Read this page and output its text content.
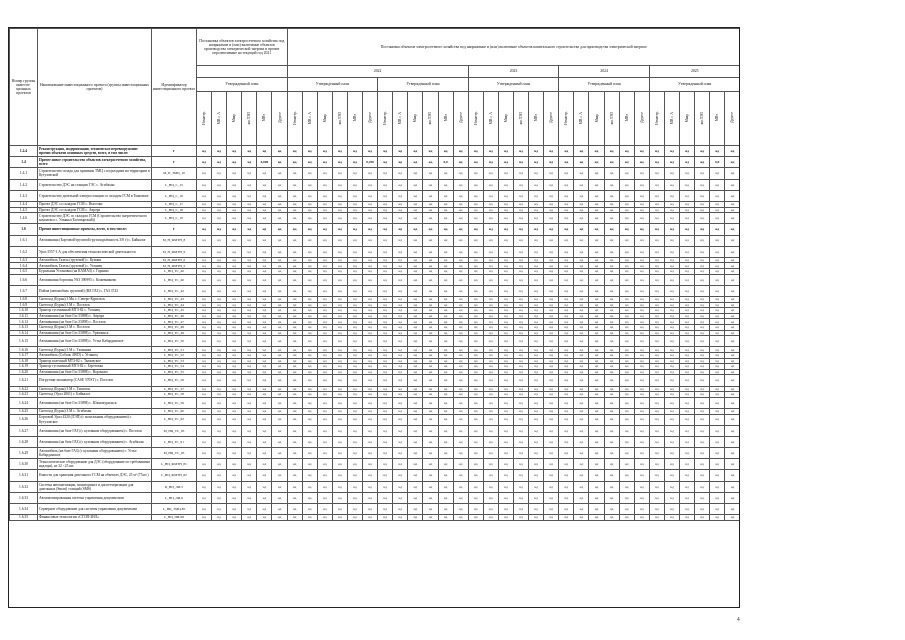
Номер группы инвести-ционных проектов	Наименование инвестиционного проекта (группы инвестиционных проектов)	Идентификатор инвестиционного проекта	Постановка объектов электросетевого хозяйства под напряжение и (или) включение объектов производства электрической энергии в прочие перспективные на текущий год 2021						Постановка объектов электросетевого хозяйства под напряжение и (или) включение объектов капитального строительства для производства электрической энергии																													
									2022												2023						2024						2025					
			Утвержденный план						Утвержденный план						Утвержденный план						Утвержденный план						Утвержденный план						Утвержденный план					
			Нематер.	МВ×А	Мвар	км ЛЭП	МВт	Другое	Нематер.	МВ×А	Мвар	км ЛЭП	МВт	Другое	Нематер.	МВ×А	Мвар	км ЛЭП	МВт	Другое	Нематер.	МВ×А	Мвар	км ЛЭП	МВт	Другое	Нематер.	МВ×А	Мвар	км ЛЭП	МВт	Другое	Нематер.	МВ×А	Мвар	км ЛЭП	МВт	Другое
1.2.4	Реконструкция, модернизация, техническое перевооружение прочих объектов основных средств, всего, в том числе:	Г	нд	нд	нд	нд	нд	нд	нд	нд	нд	нд	нд	нд	нд	нд	нд	нд	нд	нд	нд	нд	нд	нд	нд	нд	нд	нд	нд	нд	нд	нд	нд	нд	нд	нд	нд	нд
1.4	Прочее новое строительство объектов электросетевого хозяйства, всего	Г	нд	нд	нд	нд	0,000	нд	нд	нд	нд	нд	нд	0,250	нд	нд	нд	нд	0,0	нд	нд	нд	нд	нд	нд	нд	нд	нд	нд	нд	нд	нд	нд	нд	нд	нд	0,0	нд
1.4.1	Строительство склада для хранения ТМЦ с подъездами на территории в Кутузовской	М_П_ТМЦ_19	нд	нд	нд	нд	нд	нд	нд	нд	нд	нд	нд	нд	нд	нд	нд	нд	нд	нд	нд	нд	нд	нд	нд	нд	нд	нд	нд	нд	нд	нд	нд	нд	нд	нд	нд	нд
1.4.2	Строительство ДЭС на станции ГЭС с. Агибахан	L_НЦ_С_15	нд	нд	нд	нд	нд	нд	нд	нд	нд	нд	нд	нд	нд	нд	нд	нд	нд	нд	нд	нд	нд	нд	нд	нд	нд	нд	нд	нд	нд	нд	нд	нд	нд	нд	нд	нд
1.4.3	Строительство дизельной электростанции со складом ГСМ в Тымовске	L_НЦ_С_16	нд	нд	нд	нд	нд	нд	нд	нд	нд	нд	нд	нд	нд	нд	нд	нд	нд	нд	нд	нд	нд	нд	нд	нд	нд	нд	нд	нд	нд	нд	нд	нд	нд	нд	нд	нд
1.4.4	Проект ДЭС со складом ГСМ с. Выселки	L_НЦ_С_17	нд	нд	нд	нд	нд	нд	нд	нд	нд	нд	нд	нд	нд	нд	нд	нд	нд	нд	нд	нд	нд	нд	нд	нд	нд	нд	нд	нд	нд	нд	нд	нд	нд	нд	нд	нд
1.4.5	Проект ДЭС со складом ГСМ с. Аврора	L_НЦ_С_18	нд	нд	нд	нд	нд	нд	нд	нд	нд	нд	нд	нд	нд	нд	нд	нд	нд	нд	нд	нд	нд	нд	нд	нд	нд	нд	нд	нд	нд	нд	нд	нд	нд	нд	нд	нд
1.4.6	Строительство ДЭС со складом ГСМ (Строительство энергетического комплекса с. Ульяны (Богатырский))	L_НЦ_С_19	нд	нд	нд	нд	нд	нд	нд	нд	нд	нд	нд	нд	нд	нд	нд	нд	нд	нд	нд	нд	нд	нд	нд	нд	нд	нд	нд	нд	нд	нд	нд	нд	нд	нд	нд	нд
1.6	Прочие инвестиционные проекты, всего, в том числе:	Г	нд	нд	нд	нд	нд	нд	нд	нд	нд	нд	нд	нд	нд	нд	нд	нд	нд	нд	нд	нд	нд	нд	нд	нд	нд	нд	нд	нд	нд	нд	нд	нд	нд	нд	нд	нд
1.6.1	Автомашина (Бортовой/грузовой грузоподъёмность 3/8 т) с. Байкалог	М_Н_ФМТН_8	нд	нд	нд	нд	нд	нд	нд	нд	нд	нд	нд	нд	нд	нд	нд	нд	нд	нд	нд	нд	нд	нд	нд	нд	нд	нд	нд	нд	нд	нд	нд	нд	нд	нд	нд	нд
1.6.2	Урал 5557-1 А для обеспечения технологической деятельности	М_Н_ФМТН_9	нд	нд	нд	нд	нд	нд	нд	нд	нд	нд	нд	нд	нд	нд	нд	нд	нд	нд	нд	нд	нд	нд	нд	нд	нд	нд	нд	нд	нд	нд	нд	нд	нд	нд	нд	нд
1.6.3	Автомобиль Газель (грузовой) с. Кумаки	М_Н_ФМТН_6	нд	нд	нд	нд	нд	нд	нд	нд	нд	нд	нд	нд	нд	нд	нд	нд	нд	нд	нд	нд	нд	нд	нд	нд	нд	нд	нд	нд	нд	нд	нд	нд	нд	нд	нд	нд
1.6.4	Автомобиль Газель (грузовой) с. Углянец	М_Н_ФМТН_5	нд	нд	нд	нд	нд	нд	нд	нд	нд	нд	нд	нд	нд	нд	нд	нд	нд	нд	нд	нд	нд	нд	нд	нд	нд	нд	нд	нд	нд	нд	нд	нд	нд	нд	нд	нд
1.6.5	Бурильная Установка (на КАМАЗ) с. Горкино	L_НЦ_ТС_40	нд	нд	нд	нд	нд	нд	нд	нд	нд	нд	нд	нд	нд	нд	нд	нд	нд	нд	нд	нд	нд	нд	нд	нд	нд	нд	нд	нд	нд	нд	нд	нд	нд	нд	нд	нд
1.6.6	Автомашина бортовая УАЗ 390995 с. Кожевниково	L_НЦ_ТС_40	нд	нд	нд	нд	нд	нд	нд	нд	нд	нд	нд	нд	нд	нд	нд	нд	нд	нд	нд	нд	нд	нд	нд	нд	нд	нд	нд	нд	нд	нд	нд	нд	нд	нд	нд	нд
1.6.7	Пойма (автомобиль грузовой) (ВЛ ГАЗ) с. ГАЗ 3743	L_НЦ_ТС_42	нд	нд	нд	нд	нд	нд	нд	нд	нд	нд	нд	нд	нд	нд	нд	нд	нд	нд	нд	нд	нд	нд	нд	нд	нд	нд	нд	нд	нд	нд	нд	нд	нд	нд	нд	нд
1.6.8	Снегоход (Буран) 3 Мк с. Северо-Курильск	L_НЦ_ТС_43	нд	нд	нд	нд	нд	нд	нд	нд	нд	нд	нд	нд	нд	нд	нд	нд	нд	нд	нд	нд	нд	нд	нд	нд	нд	нд	нд	нд	нд	нд	нд	нд	нд	нд	нд	нд
1.6.9	Снегоход (Буран) 3 М с. Поселок	L_НЦ_ТС_44	нд	нд	нд	нд	нд	нд	нд	нд	нд	нд	нд	нд	нд	нд	нд	нд	нд	нд	нд	нд	нд	нд	нд	нд	нд	нд	нд	нд	нд	нд	нд	нд	нд	нд	нд	нд
1.6.10	Трактор гусеничный МТЗ-82 с. Углянец	L_НЦ_ТС_45	нд	нд	нд	нд	нд	нд	нд	нд	нд	нд	нд	нд	нд	нд	нд	нд	нд	нд	нд	нд	нд	нд	нд	нд	нд	нд	нд	нд	нд	нд	нд	нд	нд	нд	нд	нд
1.6.11	Автомашина (на базе Газ 33098) с. Аврора	L_НЦ_ТС_46	нд	нд	нд	нд	нд	нд	нд	нд	нд	нд	нд	нд	нд	нд	нд	нд	нд	нд	нд	нд	нд	нд	нд	нд	нд	нд	нд	нд	нд	нд	нд	нд	нд	нд	нд	нд
1.6.12	Автомашина (на базе Газ 33098) с. Поселок	L_НЦ_ТС_47	нд	нд	нд	нд	нд	нд	нд	нд	нд	нд	нд	нд	нд	нд	нд	нд	нд	нд	нд	нд	нд	нд	нд	нд	нд	нд	нд	нд	нд	нд	нд	нд	нд	нд	нд	нд
1.6.13	Снегоход (Буран) 3 М с. Поселок	L_НЦ_ТС_48	нд	нд	нд	нд	нд	нд	нд	нд	нд	нд	нд	нд	нд	нд	нд	нд	нд	нд	нд	нд	нд	нд	нд	нд	нд	нд	нд	нд	нд	нд	нд	нд	нд	нд	нд	нд
1.6.14	Автомашина (на базе Газ 33098) с. Урюпинск	L_НЦ_ТС_49	нд	нд	нд	нд	нд	нд	нд	нд	нд	нд	нд	нд	нд	нд	нд	нд	нд	нд	нд	нд	нд	нд	нд	нд	нд	нд	нд	нд	нд	нд	нд	нд	нд	нд	нд	нд
1.6.15	Автомашина (на базе Газ 33098) с. Устье Кабардинское	L_НЦ_ТС_50	нд	нд	нд	нд	нд	нд	нд	нд	нд	нд	нд	нд	нд	нд	нд	нд	нд	нд	нд	нд	нд	нд	нд	нд	нд	нд	нд	нд	нд	нд	нд	нд	нд	нд	нд	нд
1.6.16	Снегоход (Буран) 3 М с. Тамьянка	L_НЦ_ТС_51	нд	нд	нд	нд	нд	нд	нд	нд	нд	нд	нд	нд	нд	нд	нд	нд	нд	нд	нд	нд	нд	нд	нд	нд	нд	нд	нд	нд	нд	нд	нд	нд	нд	нд	нд	нд
1.6.17	Автомобиль (Соболь 4WD) с. Углянец	L_НЦ_ТС_52	нд	нд	нд	нд	нд	нд	нд	нд	нд	нд	нд	нд	нд	нд	нд	нд	нд	нд	нд	нд	нд	нд	нд	нд	нд	нд	нд	нд	нд	нд	нд	нд	нд	нд	нд	нд
1.6.18	Трактор колесный МТЗ-82 с. Тымовское	L_НЦ_ТС_53	нд	нд	нд	нд	нд	нд	нд	нд	нд	нд	нд	нд	нд	нд	нд	нд	нд	нд	нд	нд	нд	нд	нд	нд	нд	нд	нд	нд	нд	нд	нд	нд	нд	нд	нд	нд
1.6.19	Трактор гусеничный МТЗ-82 с. Березовка	L_НЦ_ТС_54	нд	нд	нд	нд	нд	нд	нд	нд	нд	нд	нд	нд	нд	нд	нд	нд	нд	нд	нд	нд	нд	нд	нд	нд	нд	нд	нд	нд	нд	нд	нд	нд	нд	нд	нд	нд
1.6.20	Автомашина (на базе Газ 33098) с. Вороново	L_НЦ_ТС_55	нд	нд	нд	нд	нд	нд	нд	нд	нд	нд	нд	нд	нд	нд	нд	нд	нд	нд	нд	нд	нд	нд	нд	нд	нд	нд	нд	нд	нд	нд	нд	нд	нд	нд	нд	нд
1.6.21	Погрузчик-экскаватор (CASE 570ST) с. Поселок	L_НЦ_ТС_56	нд	нд	нд	нд	нд	нд	нд	нд	нд	нд	нд	нд	нд	нд	нд	нд	нд	нд	нд	нд	нд	нд	нд	нд	нд	нд	нд	нд	нд	нд	нд	нд	нд	нд	нд	нд
1.6.22	Снегоход (Буран) 3 М с. Тымовск	L_НЦ_ТС_57	нд	нд	нд	нд	нд	нд	нд	нд	нд	нд	нд	нд	нд	нд	нд	нд	нд	нд	нд	нд	нд	нд	нд	нд	нд	нд	нд	нд	нд	нд	нд	нд	нд	нд	нд	нд
1.6.23	Снегоход (Урал 2061) с. Байкалог	L_НЦ_ТС_58	нд	нд	нд	нд	нд	нд	нд	нд	нд	нд	нд	нд	нд	нд	нд	нд	нд	нд	нд	нд	нд	нд	нд	нд	нд	нд	нд	нд	нд	нд	нд	нд	нд	нд	нд	нд
1.6.24	Автомашина (на базе Газ 33098) с. Южнокурильск	L_НЦ_ТС_59	нд	нд	нд	нд	нд	нд	нд	нд	нд	нд	нд	нд	нд	нд	нд	нд	нд	нд	нд	нд	нд	нд	нд	нд	нд	нд	нд	нд	нд	нд	нд	нд	нд	нд	нд	нд
1.6.25	Снегоход (Буран) 3 М с. Агибахан	L_НЦ_ТС_60	нд	нд	нд	нд	нд	нд	нд	нд	нд	нд	нд	нд	нд	нд	нд	нд	нд	нд	нд	нд	нд	нд	нд	нд	нд	нд	нд	нд	нд	нд	нд	нд	нд	нд	нд	нд
1.6.26	Бортовой Урал 4320 (ЛЭП) (с монтажным оборудованием) с. Кутузовское	L_НЦ_ТС_62	нд	нд	нд	нд	нд	нд	нд	нд	нд	нд	нд	нд	нд	нд	нд	нд	нд	нд	нд	нд	нд	нд	нд	нд	нд	нд	нд	нд	нд	нд	нд	нд	нд	нд	нд	нд
1.6.27	Автомашина (на базе ГАЗ) (с кузовным оборудованием) с. Поселок	М_НЦ_ТС_63	нд	нд	нд	нд	нд	нд	нд	нд	нд	нд	нд	нд	нд	нд	нд	нд	нд	нд	нд	нд	нд	нд	нд	нд	нд	нд	нд	нд	нд	нд	нд	нд	нд	нд	нд	нд
1.6.28	Автомашина (на базе ГАЗ) (с кузовным оборудованием) с. Агибахан	L_НЦ_ТС_91	нд	нд	нд	нд	нд	нд	нд	нд	нд	нд	нд	нд	нд	нд	нд	нд	нд	нд	нд	нд	нд	нд	нд	нд	нд	нд	нд	нд	нд	нд	нд	нд	нд	нд	нд	нд
1.6.29	Автомобиль (на базе ГАЗ) (с кузовным оборудованием) с. Устье Кабардинское	М_НЦ_ТС_65	нд	нд	нд	нд	нд	нд	нд	нд	нд	нд	нд	нд	нд	нд	нд	нд	нд	нд	нд	нд	нд	нд	нд	нд	нд	нд	нд	нд	нд	нд	нд	нд	нд	нд	нд	нд
1.6.30	Технологическое оборудование для ДЭС (оборудование по требованиям надзора), из 32 - 25 шт.	L_НЦ_ФМТН_81	нд	нд	нд	нд	нд	нд	нд	нд	нд	нд	нд	нд	нд	нд	нд	нд	нд	нд	нд	нд	нд	нд	нд	нд	нд	нд	нд	нд	нд	нд	нд	нд	нд	нд	нд	нд
1.6.31	Емкости для хранения дизельного ГСМ на объектах ДЭС, 25 м³ (77шт.)	L_НЦ_ФМТН_82	нд	нд	нд	нд	нд	нд	нд	нд	нд	нд	нд	нд	нд	нд	нд	нд	нд	нд	нд	нд	нд	нд	нд	нд	нд	нд	нд	нд	нд	нд	нд	нд	нд	нд	нд	нд
1.6.32	Система автоматизации, мониторинга и диспетчеризации для дизельных (Smart) станций (SMS)	К_НЦ_ЛИ-5	нд	нд	нд	нд	нд	нд	нд	нд	нд	нд	нд	нд	нд	нд	нд	нд	нд	нд	нд	нд	нд	нд	нд	нд	нд	нд	нд	нд	нд	нд	нд	нд	нд	нд	нд	нд
1.6.33	Автоматизированная система управления документами	L_НЦ_ЛИ-6	нд	нд	нд	нд	нд	нд	нд	нд	нд	нд	нд	нд	нд	нд	нд	нд	нд	нд	нд	нд	нд	нд	нд	нд	нд	нд	нд	нд	нд	нд	нд	нд	нд	нд	нд	нд
1.6.34	Серверное оборудование для системы управления документами	L_НЦ_ТМЦ-85	нд	нд	нд	нд	нд	нд	нд	нд	нд	нд	нд	нд	нд	нд	нд	нд	нд	нд	нд	нд	нд	нд	нд	нд	нд	нд	нд	нд	нд	нд	нд	нд	нд	нд	нд	нд
1.6.35	Финансовые технологии «СТОП-ЗИЛ»	L_НЦ_ПИ-68	нд	нд	нд	нд	нд	нд	нд	нд	нд	нд	нд	нд	нд	нд	нд	нд	нд	нд	нд	нд	нд	нд	нд	нд	нд	нд	нд	нд	нд	нд	нд	нд	нд	нд	нд	нд
4
